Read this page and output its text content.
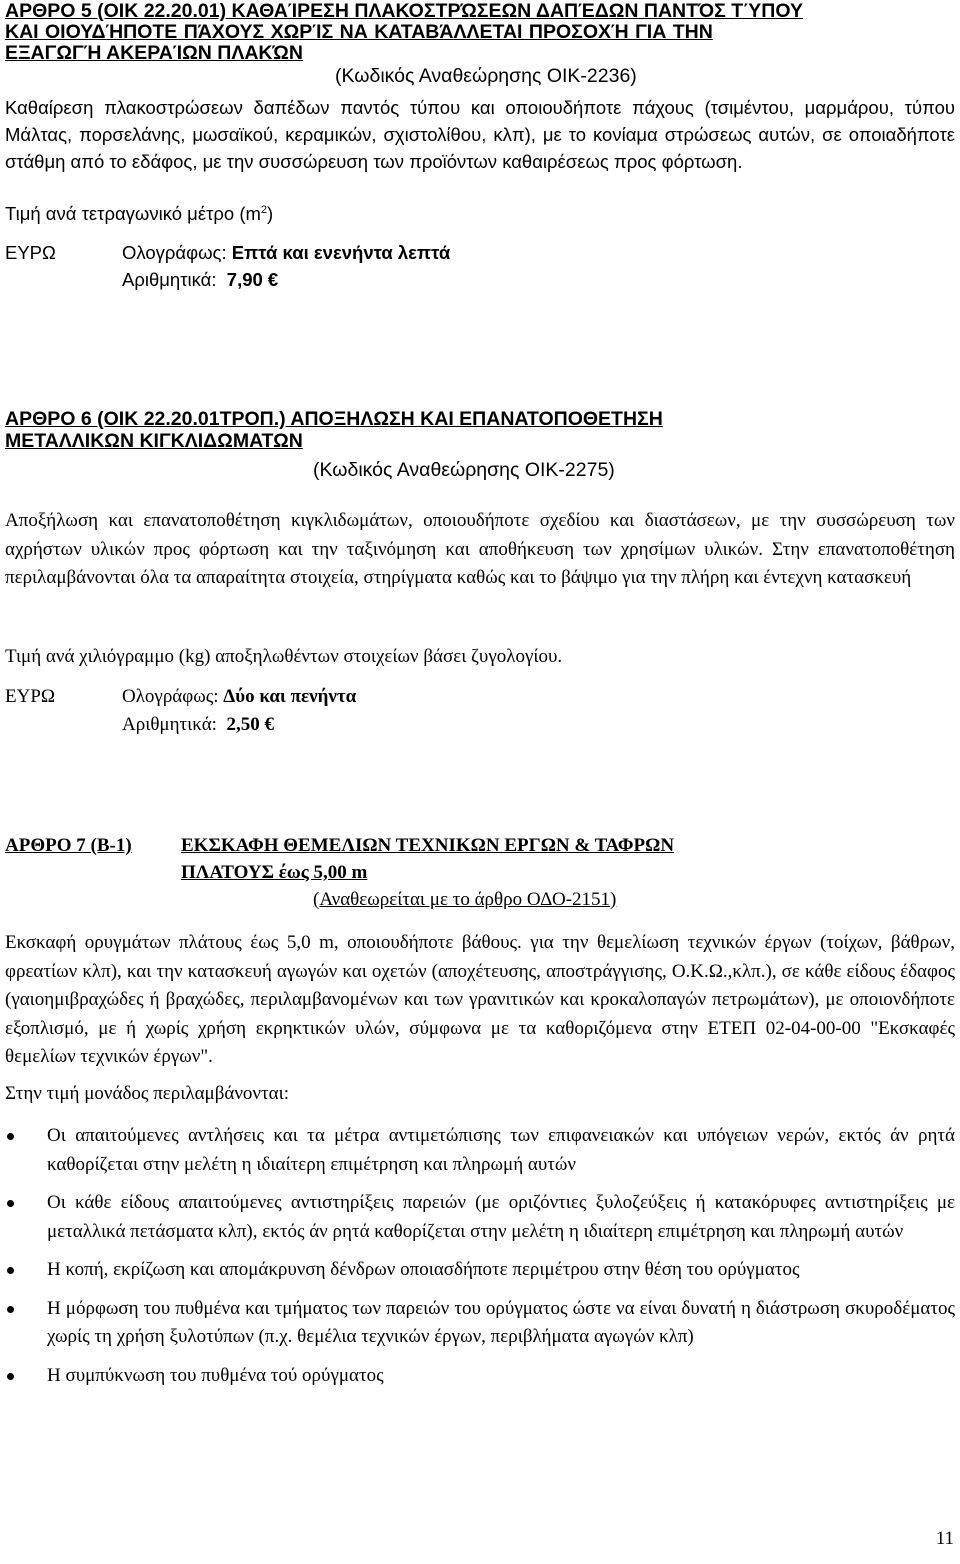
ΑΡΘΡΟ 5 (ΟΙΚ 22.20.01) ΚΑΘΑΊΡΕΣΗ ΠΛΑΚΟΣΤΡΏΣΕΩΝ ΔΑΠΈΔΩΝ ΠΑΝΤΌΣ ΤΎΠΟΥ
ΚΑΙ ΟΙΟΥΔΉΠΟΤΕ ΠΆΧΟΥΣ ΧΩΡΊΣ ΝΑ ΚΑΤΑΒΆΛΛΕΤΑΙ ΠΡΟΣΟΧΉ ΓΙΑ ΤΗΝ
ΕΞΑΓΩΓΉ ΑΚΕΡΑΊΩΝ ΠΛΑΚΏΝ
(Κωδικός Αναθεώρησης ΟΙΚ-2236)

Καθαίρεση πλακοστρώσεων δαπέδων παντός τύπου και οποιουδήποτε πάχους (τσιμέντου, μαρμάρου, τύπου Μάλτας, πορσελάνης, μωσαϊκού, κεραμικών, σχιστολίθου, κλπ), με το κονίαμα στρώσεως αυτών, σε οποιαδήποτε στάθμη από το εδάφος, με την συσσώρευση των προϊόντων καθαιρέσεως προς φόρτωση.

Τιμή ανά τετραγωνικό μέτρο $(m^2)$

ΕΥΡΩ	Ολογράφως:
Επτά και ενενήντα λεπτά
Αριθμητικά:
7,90 €
ΑΡΘΡΟ 6 (ΟΙΚ 22.20.01ΤΡΟΠ.) ΑΠΟΞΗΛΩΣΗ ΚΑΙ ΕΠΑΝΑΤΟΠΟΘΕΤΗΣΗ
ΜΕΤΑΛΛΙΚΩΝ ΚΙΓΚΛΙΔΩΜΑΤΩΝ
(Κωδικός Αναθεώρησης ΟΙΚ-2275)

Αποξήλωση και επανατοποθέτηση κιγκλιδωμάτων, οποιουδήποτε σχεδίου και διαστάσεων, με την συσσώρευση των αχρήστων υλικών προς φόρτωση και την ταξινόμηση και αποθήκευση των χρησίμων υλικών. Στην επανατοποθέτηση περιλαμβάνονται όλα τα απαραίτητα στοιχεία, στηρίγματα καθώς και το βάψιμο για την πλήρη και έντεχνη κατασκευή

Τιμή ανά χιλιόγραμμο (kg) αποξηλωθέντων στοιχείων βάσει ζυγολογίου.

ΕΥΡΩ	Ολογράφως:
Δύο και πενήντα
Αριθμητικά:
2,50 €
ΑΡΘΡΟ 7 (Β-1)	ΕΚΣΚΑΦΗ ΘΕΜΕΛΙΩΝ ΤΕΧΝΙΚΩΝ ΕΡΓΩΝ & ΤΑΦΡΩΝ
ΠΛΑΤΟΥΣ έως 5,00 m
(Αναθεωρείται με το άρθρο ΟΔΟ-2151)

Εκσκαφή ορυγμάτων πλάτους έως 5,0 m, οποιουδήποτε βάθους. για την θεμελίωση τεχνικών έργων (τοίχων, βάθρων, φρεατίων κλπ), και την κατασκευή αγωγών και οχετών (αποχέτευσης, αποστράγγισης, Ο.Κ.Ω.,κλπ.), σε κάθε είδους έδαφος (γαιοημιβραχώδες ή βραχώδες, περιλαμβανομένων και των γρανιτικών και κροκαλοπαγών πετρωμάτων), με οποιονδήποτε εξοπλισμό, με ή χωρίς χρήση εκρηκτικών υλών, σύμφωνα με τα καθοριζόμενα στην ΕΤΕΠ 02-04-00-00 "Εκσκαφές θεμελίων τεχνικών έργων".

Στην τιμή μονάδος περιλαμβάνονται:

Οι απαιτούμενες αντλήσεις και τα μέτρα αντιμετώπισης των επιφανειακών και υπόγειων νερών, εκτός άν ρητά καθορίζεται στην μελέτη η ιδιαίτερη επιμέτρηση και πληρωμή αυτών
Οι κάθε είδους απαιτούμενες αντιστηρίξεις παρειών (με οριζόντιες ξυλοζεύξεις ή κατακόρυφες αντιστηρίξεις με μεταλλικά πετάσματα κλπ), εκτός άν ρητά καθορίζεται στην μελέτη η ιδιαίτερη επιμέτρηση και πληρωμή αυτών
Η κοπή, εκρίζωση και απομάκρυνση δένδρων οποιασδήποτε περιμέτρου στην θέση του ορύγματος
Η μόρφωση του πυθμένα και τμήματος των παρειών του ορύγματος ώστε να είναι δυνατή η διάστρωση σκυροδέματος χωρίς τη χρήση ξυλοτύπων (π.χ. θεμέλια τεχνικών έργων, περιβλήματα αγωγών κλπ)
Η συμπύκνωση του πυθμένα τού ορύγματος
11
